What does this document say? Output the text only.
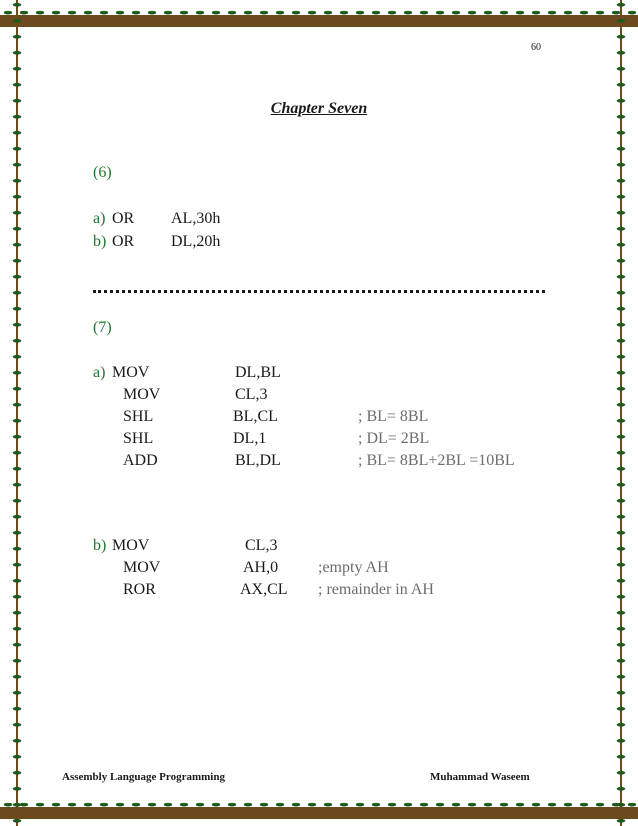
60
Chapter Seven
(6)
a) OR AL,30h
b) OR DL,20h
(7)
a) MOV	DL,BL
MOV	CL,3
SHL	BL,CL	; BL= 8BL
SHL	DL,1	; DL= 2BL
ADD	BL,DL	; BL= 8BL+2BL =10BL
b) MOV	CL,3
MOV	AH,0 ;empty AH
ROR	AX,CL ; remainder in AH
Assembly Language Programming	Muhammad Waseem
